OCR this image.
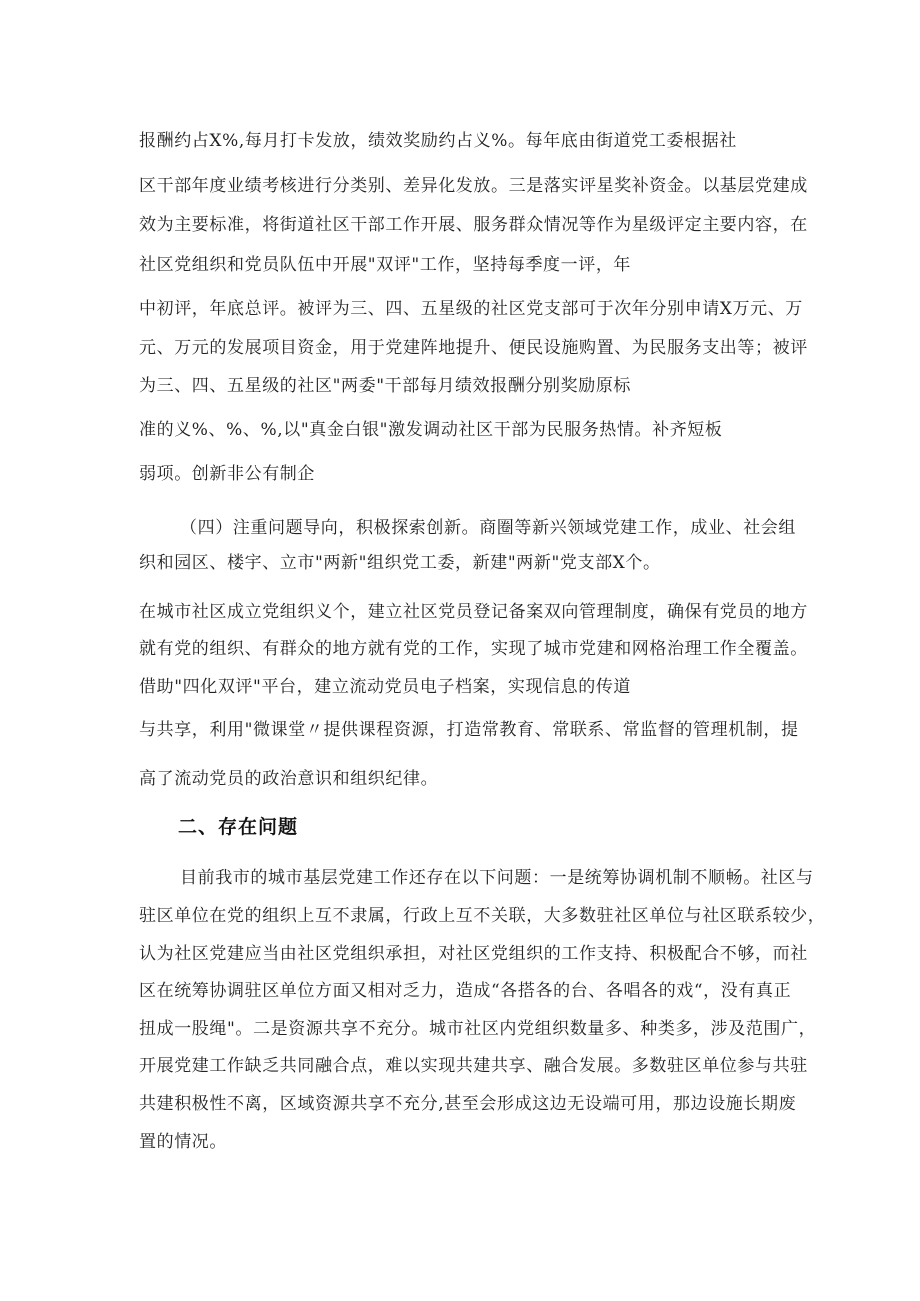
报酬约占X%,每月打卡发放，绩效奖励约占义%。每年底由街道党工委根据社
区干部年度业绩考核进行分类别、差异化发放。三是落实评星奖补资金。以基层党建成
效为主要标准，将街道社区干部工作开展、服务群众情况等作为星级评定主要内容，在
社区党组织和党员队伍中开展"双评"工作，坚持每季度一评，年
中初评，年底总评。被评为三、四、五星级的社区党支部可于次年分别申请X万元、万
元、万元的发展项目资金，用于党建阵地提升、便民设施购置、为民服务支出等；被评
为三、四、五星级的社区"两委"干部每月绩效报酬分别奖励原标
准的义%、%、%,以"真金白银"激发调动社区干部为民服务热情。补齐短板
弱项。创新非公有制企
（四）注重问题导向，积极探索创新。商圈等新兴领域党建工作，成业、社会组
织和园区、楼宇、立市"两新"组织党工委，新建"两新"党支部X个。
在城市社区成立党组织义个，建立社区党员登记备案双向管理制度，确保有党员的地方
就有党的组织、有群众的地方就有党的工作，实现了城市党建和网格治理工作全覆盖。
借助"四化双评"平台，建立流动党员电子档案，实现信息的传道
与共享，利用"微课堂〃提供课程资源，打造常教育、常联系、常监督的管理机制，提
高了流动党员的政治意识和组织纪律。
二、存在问题
目前我市的城市基层党建工作还存在以下问题：一是统筹协调机制不顺畅。社区与
驻区单位在党的组织上互不隶属，行政上互不关联，大多数驻社区单位与社区联系较少，
认为社区党建应当由社区党组织承担，对社区党组织的工作支持、积极配合不够，而社
区在统筹协调驻区单位方面又相对乏力，造成“各搭各的台、各唱各的戏“，没有真正
扭成一股绳"。二是资源共享不充分。城市社区内党组织数量多、种类多，涉及范围广，
开展党建工作缺乏共同融合点，难以实现共建共享、融合发展。多数驻区单位参与共驻
共建积极性不离，区域资源共享不充分,甚至会形成这边无设端可用，那边设施长期废
置的情况。
